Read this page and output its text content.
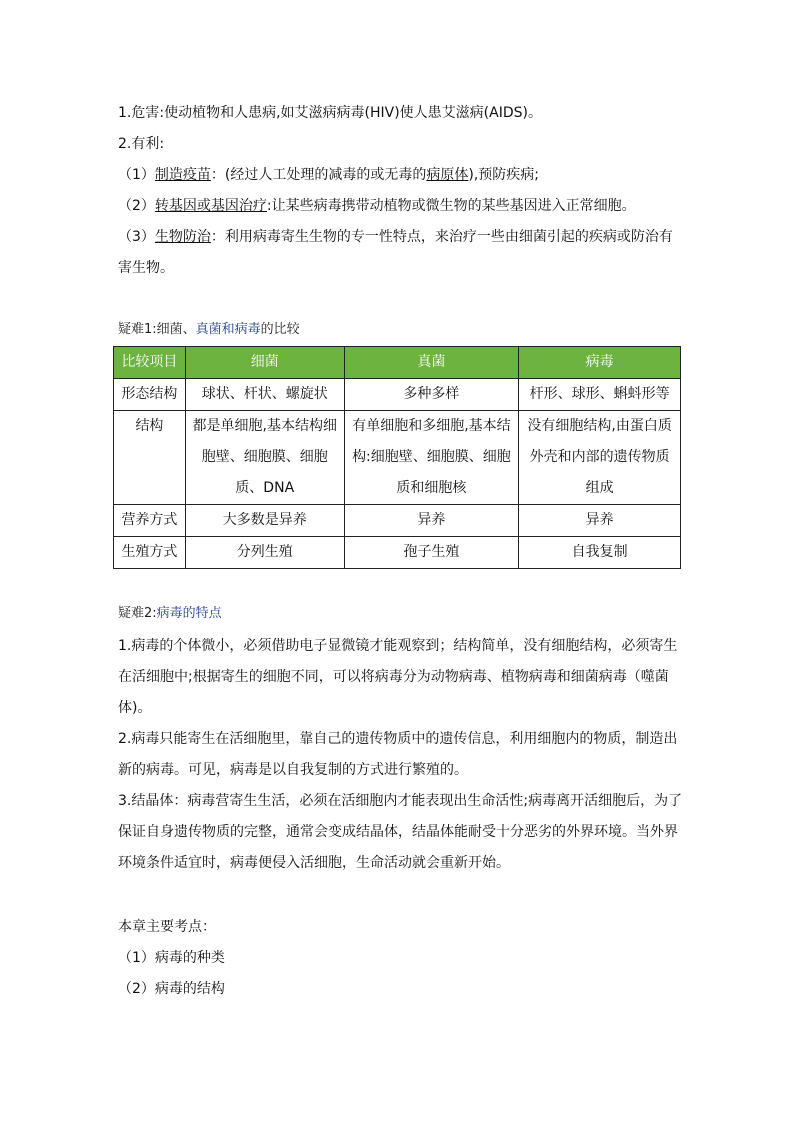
1.危害:使动植物和人患病,如艾滋病病毒(HIV)使人患艾滋病(AIDS)。

2.有利:

（1）制造疫苗：(经过人工处理的减毒的或无毒的病原体),预防疾病;

（2）转基因或基因治疗:让某些病毒携带动植物或微生物的某些基因进入正常细胞。

（3）生物防治：利用病毒寄生生物的专一性特点，来治疗一些由细菌引起的疾病或防治有害生物。

疑难1:细菌、真菌和病毒的比较

比较项目	细菌	真菌	病毒
形态结构	球状、杆状、螺旋状	多种多样	杆形、球形、蝌蚪形等
结构	都是单细胞,基本结构细胞壁、细胞膜、细胞质、DNA	有单细胞和多细胞,基本结构:细胞壁、细胞膜、细胞质和细胞核	没有细胞结构,由蛋白质外壳和内部的遗传物质组成
营养方式	大多数是异养	异养	异养
生殖方式	分列生殖	孢子生殖	自我复制

疑难2:病毒的特点

1.病毒的个体微小，必须借助电子显微镜才能观察到；结构简单，没有细胞结构，必须寄生在活细胞中;根据寄生的细胞不同，可以将病毒分为动物病毒、植物病毒和细菌病毒（噬菌体)。

2.病毒只能寄生在活细胞里，靠自己的遗传物质中的遗传信息，利用细胞内的物质，制造出新的病毒。可见，病毒是以自我复制的方式进行繁殖的。

3.结晶体：病毒营寄生生活，必须在活细胞内才能表现出生命活性;病毒离开活细胞后，为了保证自身遗传物质的完整，通常会变成结晶体，结晶体能耐受十分恶劣的外界环境。当外界环境条件适宜时，病毒便侵入活细胞，生命活动就会重新开始。

本章主要考点：

（1）病毒的种类

（2）病毒的结构
